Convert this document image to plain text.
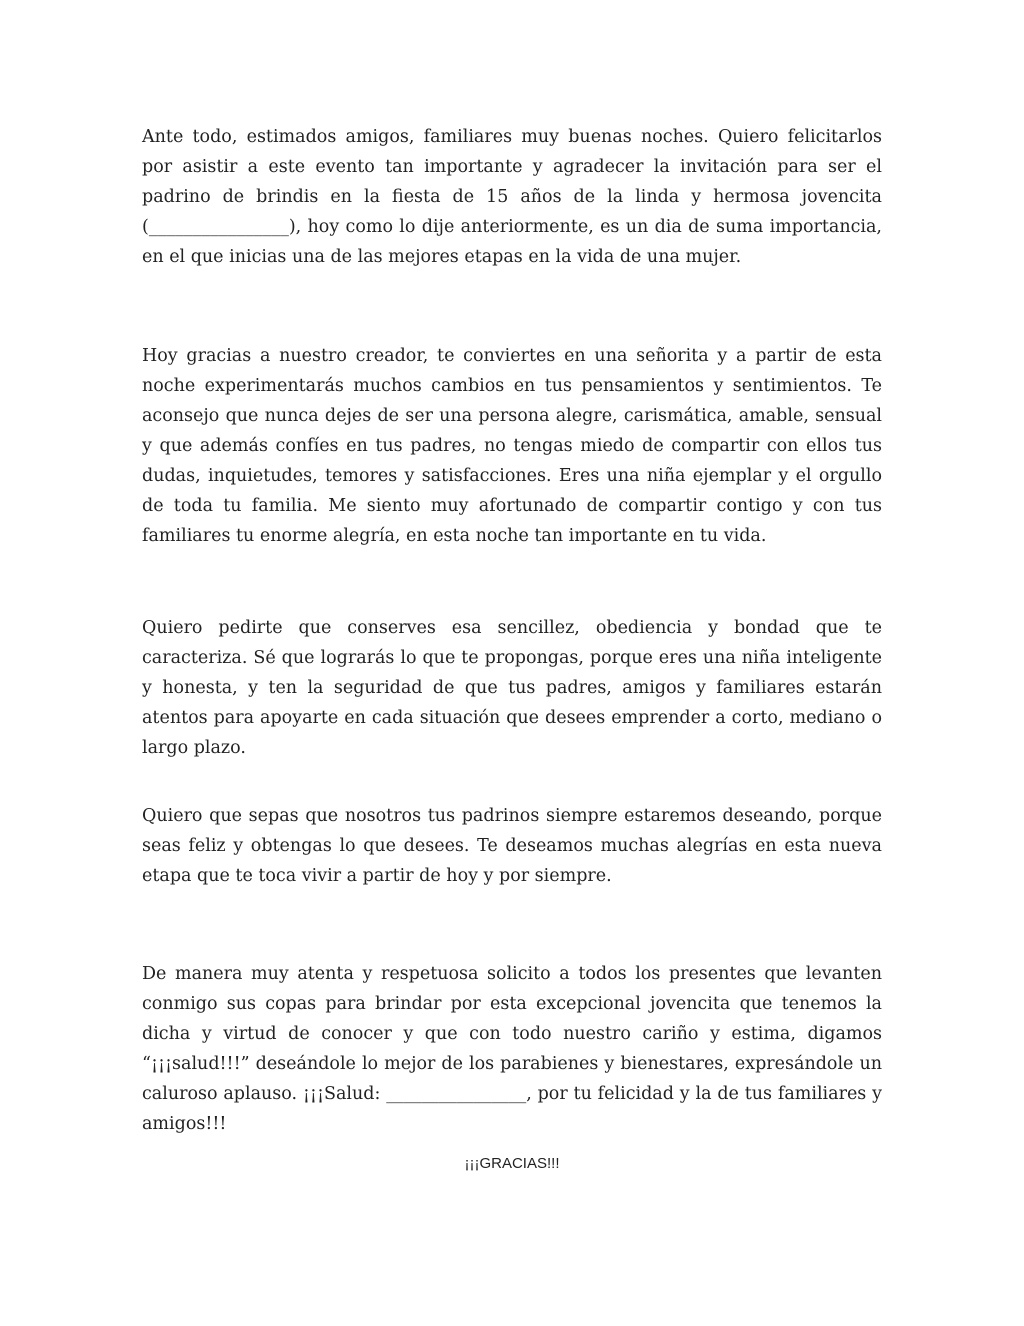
Ante todo, estimados amigos, familiares muy buenas noches. Quiero felicitarlos por asistir a este evento tan importante y agradecer la invitación para ser el padrino de brindis en la fiesta de 15 años de la linda y hermosa jovencita (________________), hoy como lo dije anteriormente, es un dia de suma importancia, en el que inicias una de las mejores etapas en la vida de una mujer.

Hoy gracias a nuestro creador, te conviertes en una señorita y a partir de esta noche experimentarás muchos cambios en tus pensamientos y sentimientos. Te aconsejo que nunca dejes de ser una persona alegre, carismática, amable, sensual y que además confíes en tus padres, no tengas miedo de compartir con ellos tus dudas, inquietudes, temores y satisfacciones. Eres una niña ejemplar y el orgullo de toda tu familia. Me siento muy afortunado de compartir contigo y con tus familiares tu enorme alegría, en esta noche tan importante en tu vida.

Quiero pedirte que conserves esa sencillez, obediencia y bondad que te caracteriza. Sé que lograrás lo que te propongas, porque eres una niña inteligente y honesta, y ten la seguridad de que tus padres, amigos y familiares estarán atentos para apoyarte en cada situación que desees emprender a corto, mediano o largo plazo.

Quiero que sepas que nosotros tus padrinos siempre estaremos deseando, porque seas feliz y obtengas lo que desees. Te deseamos muchas alegrías en esta nueva etapa que te toca vivir a partir de hoy y por siempre.

De manera muy atenta y respetuosa solicito a todos los presentes que levanten conmigo sus copas para brindar por esta excepcional jovencita que tenemos la dicha y virtud de conocer y que con todo nuestro cariño y estima, digamos “¡¡¡salud!!!” deseándole lo mejor de los parabienes y bienestares, expresándole un caluroso aplauso. ¡¡¡Salud: ________________, por tu felicidad y la de tus familiares y amigos!!!

¡¡¡GRACIAS!!!
